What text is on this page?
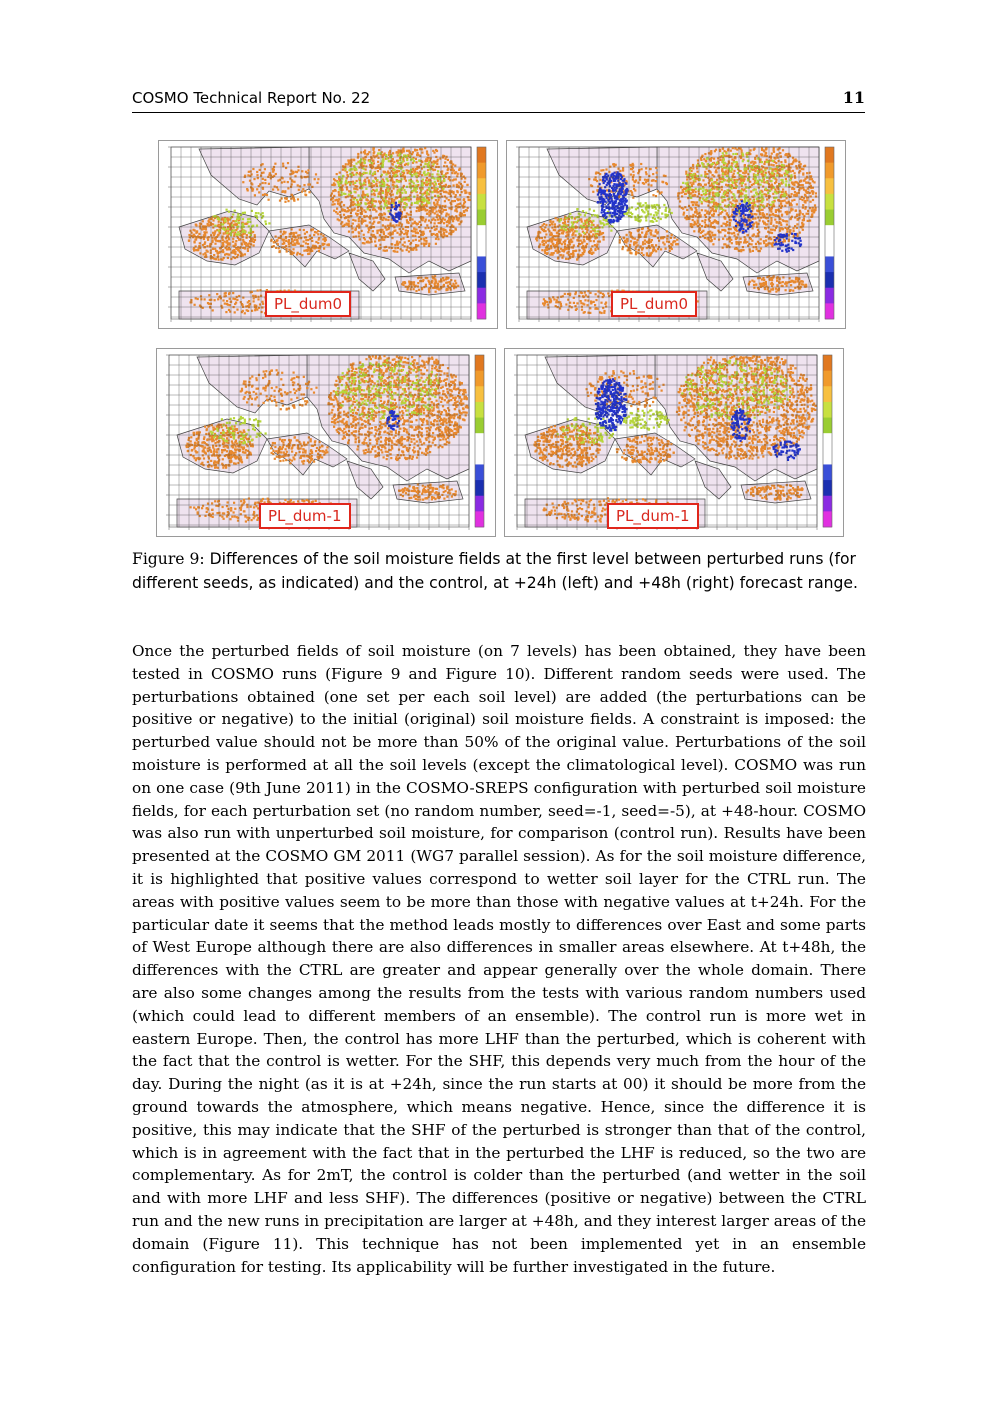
COSMO Technical Report No. 22	11
PL_dum0	PL_dum0
PL_dum-1	PL_dum-1
Figure 9: Differences of the soil moisture fields at the first level between perturbed runs (for different seeds, as indicated) and the control, at +24h (left) and +48h (right) forecast range.

Once the perturbed fields of soil moisture (on 7 levels) has been obtained, they have been tested in COSMO runs (Figure 9 and Figure 10). Different random seeds were used. The perturbations obtained (one set per each soil level) are added (the perturbations can be positive or negative) to the initial (original) soil moisture fields. A constraint is imposed: the perturbed value should not be more than 50% of the original value. Perturbations of the soil moisture is performed at all the soil levels (except the climatological level). COSMO was run on one case (9th June 2011) in the COSMO-SREPS configuration with perturbed soil moisture fields, for each perturbation set (no random number, seed=-1, seed=-5), at +48-hour. COSMO was also run with unperturbed soil moisture, for comparison (control run). Results have been presented at the COSMO GM 2011 (WG7 parallel session). As for the soil moisture difference, it is highlighted that positive values correspond to wetter soil layer for the CTRL run. The areas with positive values seem to be more than those with negative values at t+24h. For the particular date it seems that the method leads mostly to differences over East and some parts of West Europe although there are also differences in smaller areas elsewhere. At t+48h, the differences with the CTRL are greater and appear generally over the whole domain. There are also some changes among the results from the tests with various random numbers used (which could lead to different members of an ensemble). The control run is more wet in eastern Europe. Then, the control has more LHF than the perturbed, which is coherent with the fact that the control is wetter. For the SHF, this depends very much from the hour of the day. During the night (as it is at +24h, since the run starts at 00) it should be more from the ground towards the atmosphere, which means negative. Hence, since the difference it is positive, this may indicate that the SHF of the perturbed is stronger than that of the control, which is in agreement with the fact that in the perturbed the LHF is reduced, so the two are complementary. As for 2mT, the control is colder than the perturbed (and wetter in the soil and with more LHF and less SHF). The differences (positive or negative) between the CTRL run and the new runs in precipitation are larger at +48h, and they interest larger areas of the domain (Figure 11). This technique has not been implemented yet in an ensemble configuration for testing. Its applicability will be further investigated in the future.
